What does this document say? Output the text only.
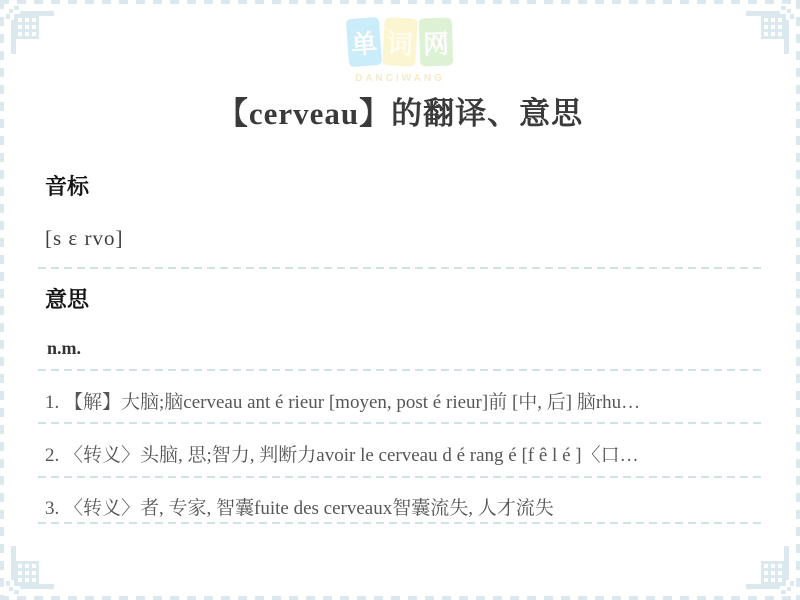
单 词 网
DANCIWANG
【cerveau】的翻译、意思
音标
[s ɛ rvo]
意思
n.m.
1. 【解】大脑;脑cerveau ant é rieur [moyen, post é rieur]前 [中, 后] 脑rhu…
2. 〈转义〉头脑, 思;智力, 判断力avoir le cerveau d é rang é [f ê l é ]〈口…
3. 〈转义〉者, 专家, 智囊fuite des cerveaux智囊流失, 人才流失
